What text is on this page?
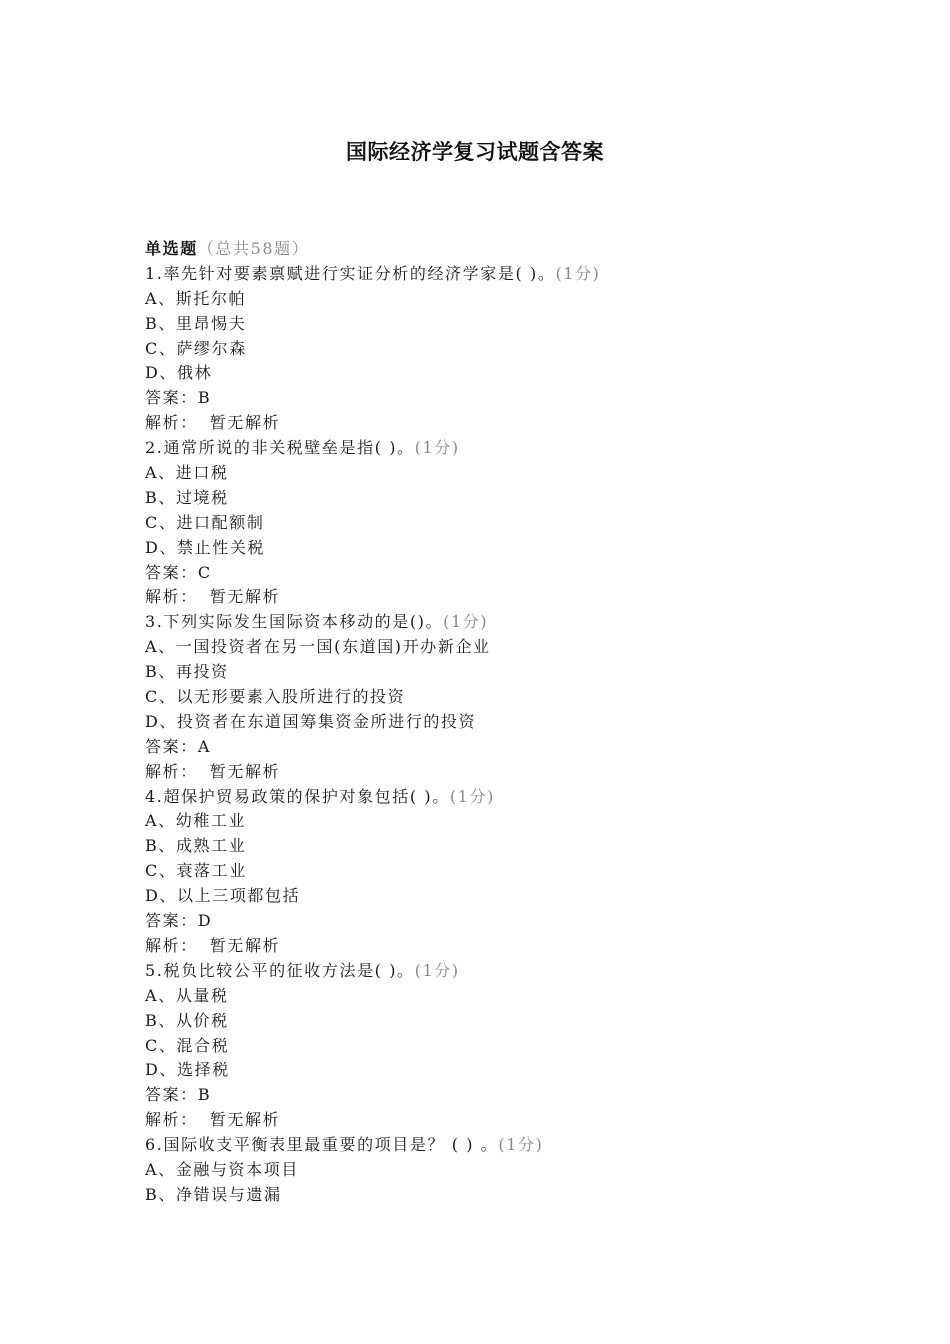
国际经济学复习试题含答案
单选题（总共58题）
1.率先针对要素禀赋进行实证分析的经济学家是( )。(1分)
A、斯托尔帕
B、里昂惕夫
C、萨缪尔森
D、俄林
答案：B
解析： 暂无解析
2.通常所说的非关税壁垒是指( )。(1分)
A、进口税
B、过境税
C、进口配额制
D、禁止性关税
答案：C
解析： 暂无解析
3.下列实际发生国际资本移动的是()。(1分)
A、一国投资者在另一国(东道国)开办新企业
B、再投资
C、以无形要素入股所进行的投资
D、投资者在东道国筹集资金所进行的投资
答案：A
解析： 暂无解析
4.超保护贸易政策的保护对象包括( )。(1分)
A、幼稚工业
B、成熟工业
C、衰落工业
D、以上三项都包括
答案：D
解析： 暂无解析
5.税负比较公平的征收方法是( )。(1分)
A、从量税
B、从价税
C、混合税
D、选择税
答案：B
解析： 暂无解析
6.国际收支平衡表里最重要的项目是？ ( ) 。(1分)
A、金融与资本项目
B、净错误与遗漏
